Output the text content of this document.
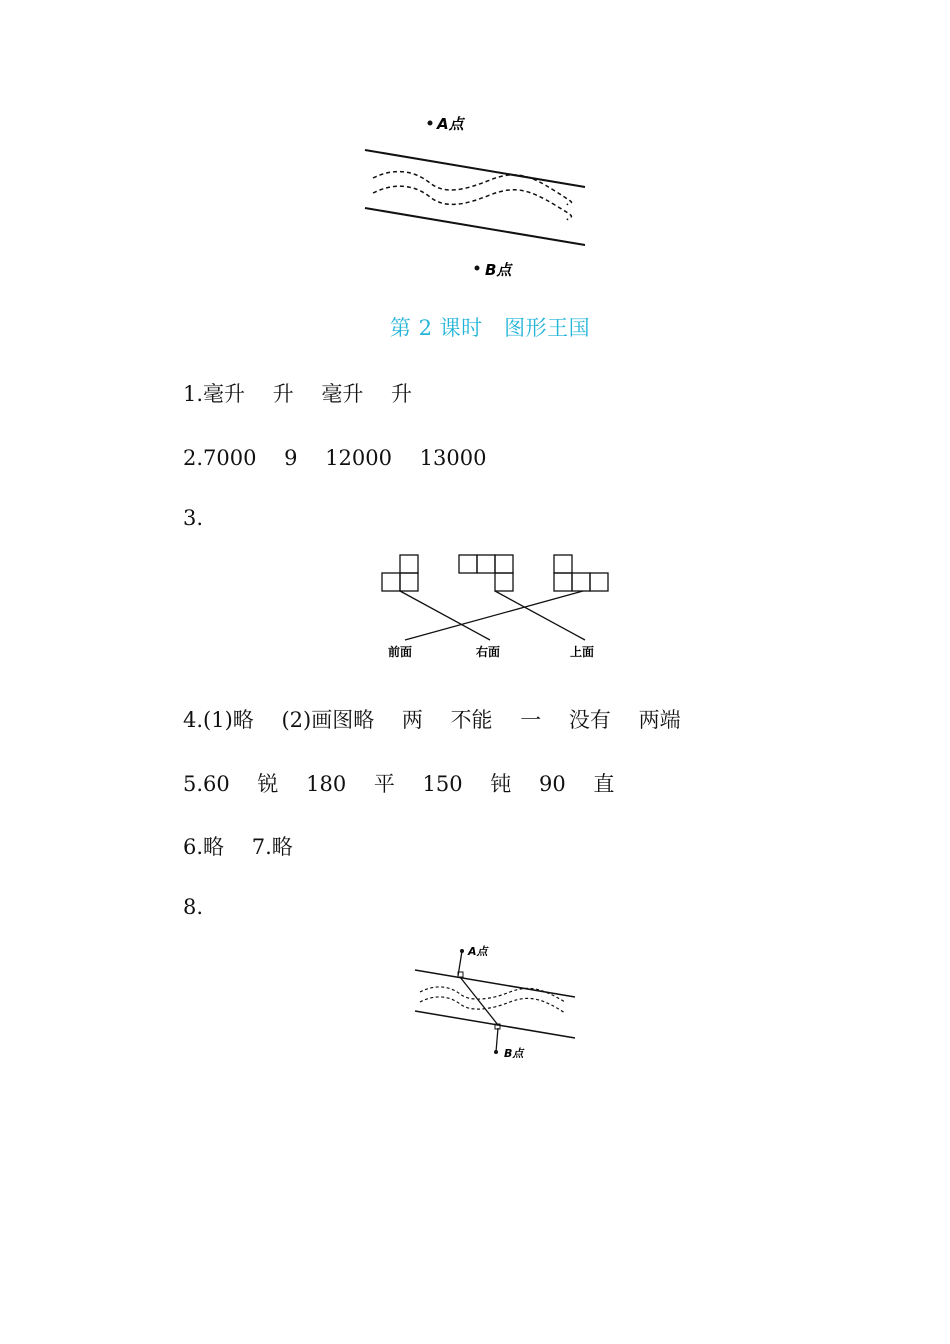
A点
B点
第 2 课时　图形王国
1.毫升　 升　 毫升　 升
2.7000　 9　 12000　 13000
3.
前面	右面	上面
4.(1)略　 (2)画图略　 两　 不能　 一　 没有　 两端
5.60　 锐　 180　 平　 150　 钝　 90　 直
6.略　 7.略
8.
A点
B点
